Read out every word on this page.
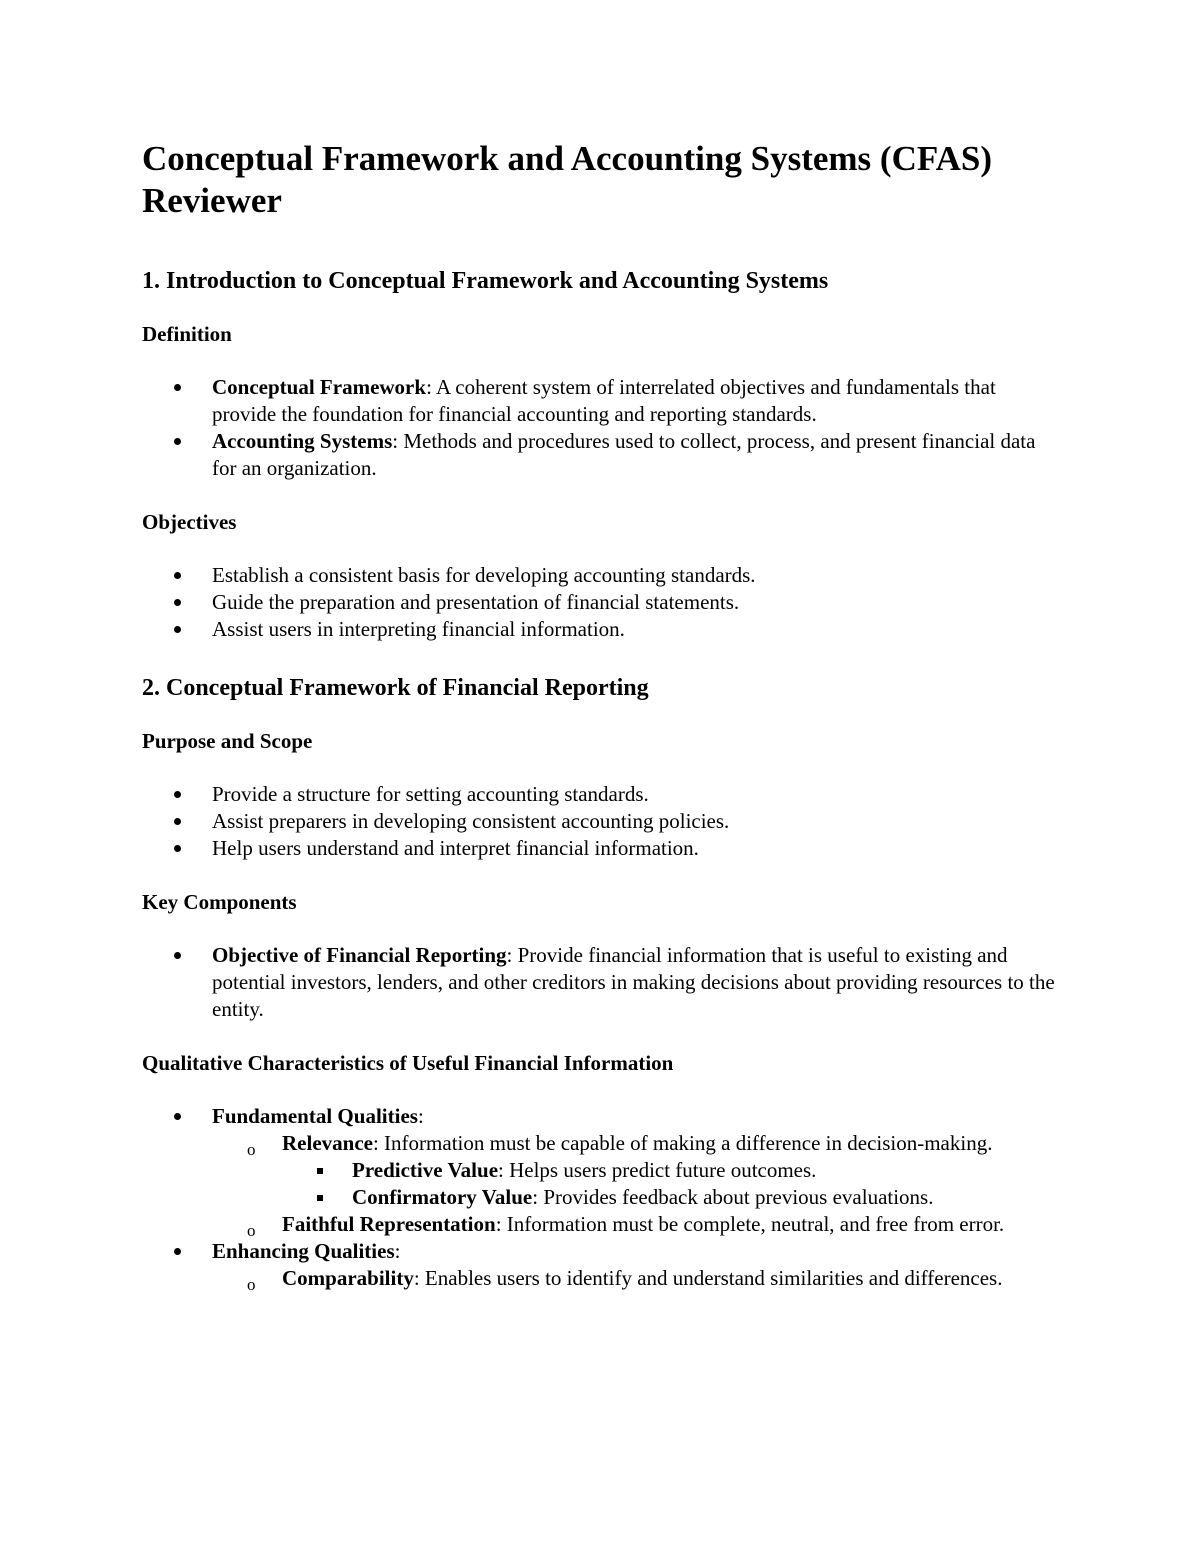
Conceptual Framework and Accounting Systems (CFAS) Reviewer
1. Introduction to Conceptual Framework and Accounting Systems
Definition
Conceptual Framework: A coherent system of interrelated objectives and fundamentals that provide the foundation for financial accounting and reporting standards.
Accounting Systems: Methods and procedures used to collect, process, and present financial data for an organization.
Objectives
Establish a consistent basis for developing accounting standards.
Guide the preparation and presentation of financial statements.
Assist users in interpreting financial information.
2. Conceptual Framework of Financial Reporting
Purpose and Scope
Provide a structure for setting accounting standards.
Assist preparers in developing consistent accounting policies.
Help users understand and interpret financial information.
Key Components
Objective of Financial Reporting: Provide financial information that is useful to existing and potential investors, lenders, and other creditors in making decisions about providing resources to the entity.
Qualitative Characteristics of Useful Financial Information
Fundamental Qualities:
o Relevance: Information must be capable of making a difference in decision-making.
Predictive Value: Helps users predict future outcomes.
Confirmatory Value: Provides feedback about previous evaluations.
o Faithful Representation: Information must be complete, neutral, and free from error.
Enhancing Qualities:
o Comparability: Enables users to identify and understand similarities and differences.
